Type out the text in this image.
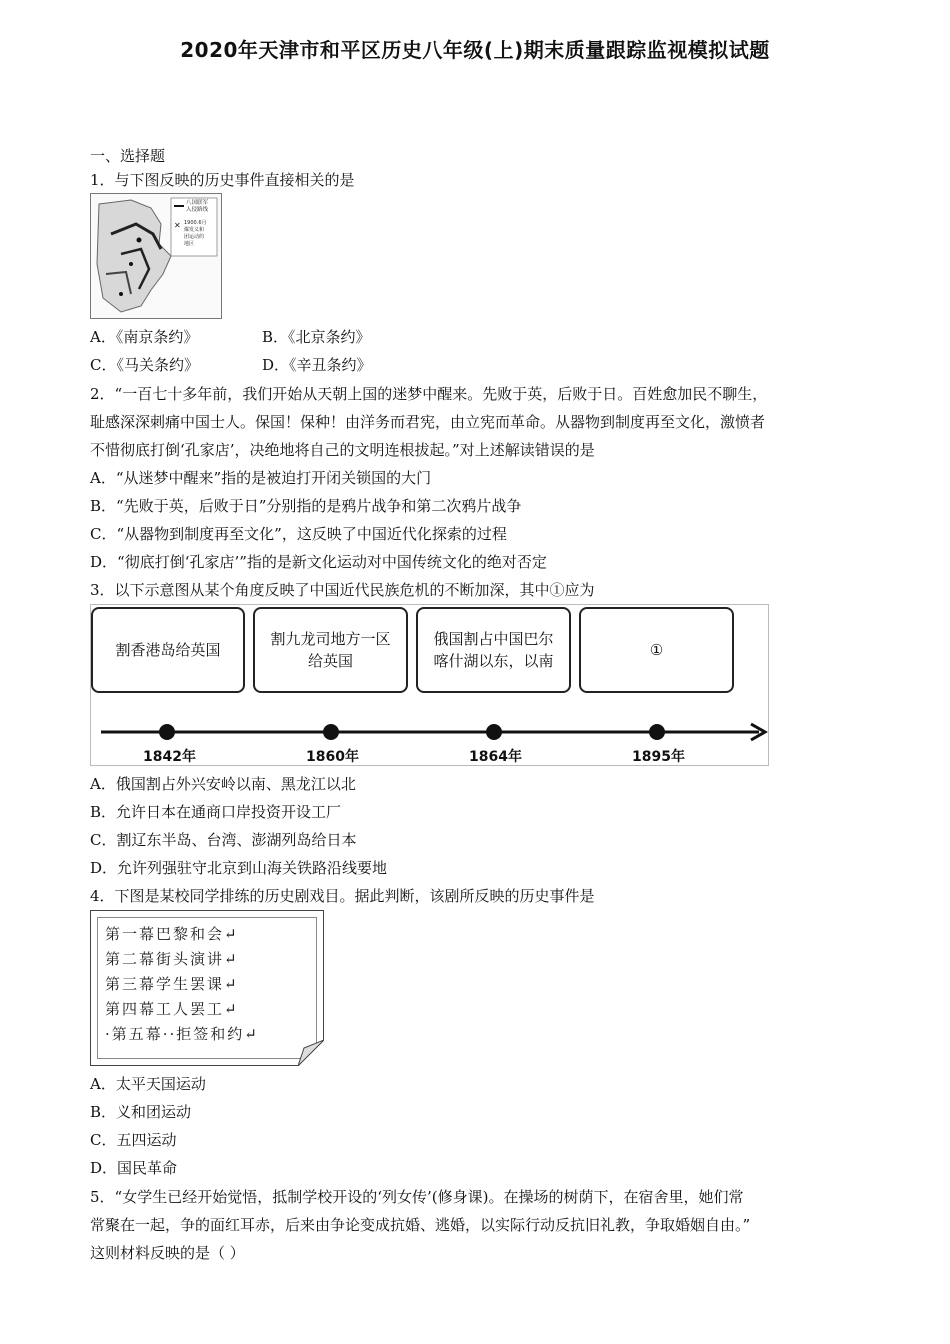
2020年天津市和平区历史八年级(上)期末质量跟踪监视模拟试题
一、选择题
1．与下图反映的历史事件直接相关的是
八国联军
入侵路线
✕ 1900.6月
爆发义和
团运动的
地区
A．《南京条约》	B．《北京条约》
C．《马关条约》	D．《辛丑条约》
2．“一百七十多年前，我们开始从天朝上国的迷梦中醒来。先败于英，后败于日。百姓愈加民不聊生，
耻感深深刺痛中国士人。保国！保种！由洋务而君宪，由立宪而革命。从器物到制度再至文化，激愤者
不惜彻底打倒‘孔家店’，决绝地将自己的文明连根拔起。”对上述解读错误的是
A．“从迷梦中醒来”指的是被迫打开闭关锁国的大门
B．“先败于英，后败于日”分别指的是鸦片战争和第二次鸦片战争
C．“从器物到制度再至文化”，这反映了中国近代化探索的过程
D．“彻底打倒‘孔家店’”指的是新文化运动对中国传统文化的绝对否定
3．以下示意图从某个角度反映了中国近代民族危机的不断加深，其中①应为
割香港岛给英国
割九龙司地方一区给英国
俄国割占中国巴尔喀什湖以东，以南
①
1842年	1860年	1864年	1895年
A．俄国割占外兴安岭以南、黑龙江以北
B．允许日本在通商口岸投资开设工厂
C．割辽东半岛、台湾、澎湖列岛给日本
D．允许列强驻守北京到山海关铁路沿线要地
4．下图是某校同学排练的历史剧戏目。据此判断，该剧所反映的历史事件是
第一幕巴黎和会↵
第二幕街头演讲↵
第三幕学生罢课↵
第四幕工人罢工↵
·第五幕··拒签和约↵
A．太平天国运动
B．义和团运动
C．五四运动
D．国民革命
5．“女学生已经开始觉悟，抵制学校开设的‘列女传’(修身课)。在操场的树荫下，在宿舍里，她们常
常聚在一起，争的面红耳赤，后来由争论变成抗婚、逃婚，以实际行动反抗旧礼教，争取婚姻自由。”
这则材料反映的是（ ）
